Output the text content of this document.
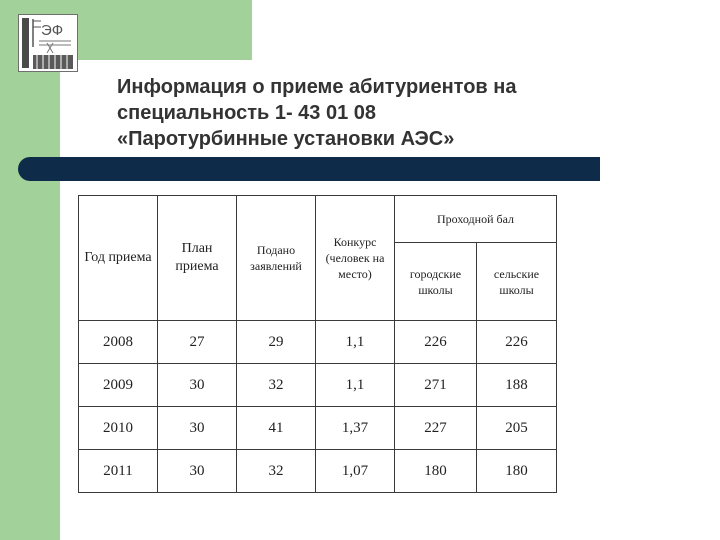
ЭФ
Информация о приеме абитуриентов на
специальность 1- 43 01 08
«Паротурбинные установки АЭС»
Год приема	План приема	Подано заявлений	Конкурс (человек на место)	Проходной бал	
				городские школы	сельские школы
2008	27	29	1,1	226	226
2009	30	32	1,1	271	188
2010	30	41	1,37	227	205
2011	30	32	1,07	180	180
